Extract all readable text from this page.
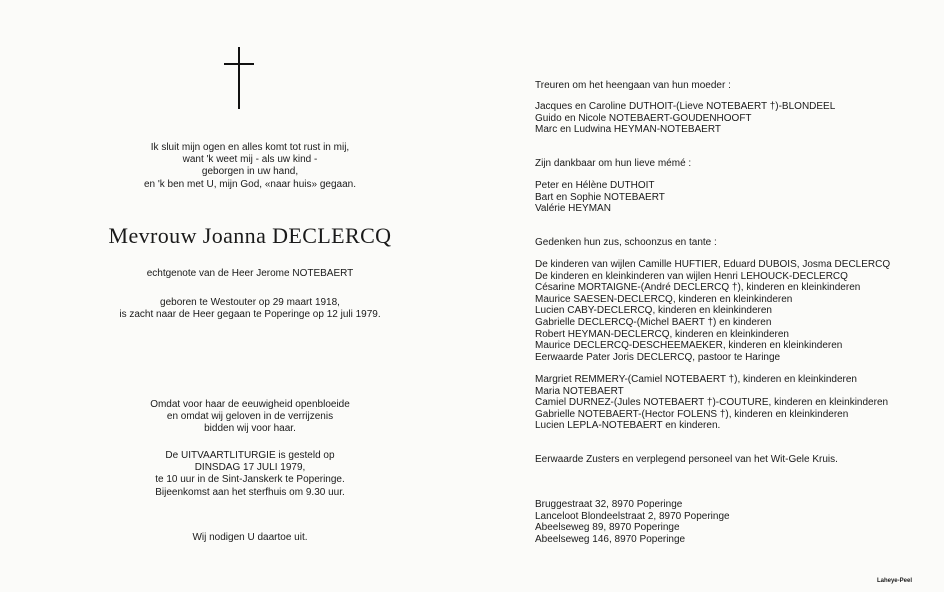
Ik sluit mijn ogen en alles komt tot rust in mij,
want 'k weet mij - als uw kind -
geborgen in uw hand,
en 'k ben met U, mijn God, «naar huis» gegaan.
Mevrouw Joanna DECLERCQ
echtgenote van de Heer Jerome NOTEBAERT
geboren te Westouter op 29 maart 1918,
is zacht naar de Heer gegaan te Poperinge op 12 juli 1979.
Omdat voor haar de eeuwigheid openbloeide
en omdat wij geloven in de verrijzenis
bidden wij voor haar.
De UITVAARTLITURGIE is gesteld op
DINSDAG 17 JULI 1979,
te 10 uur in de Sint-Janskerk te Poperinge.
Bijeenkomst aan het sterfhuis om 9.30 uur.
Wij nodigen U daartoe uit.
Treuren om het heengaan van hun moeder :
Jacques en Caroline DUTHOIT-(Lieve NOTEBAERT †)-BLONDEEL
Guido en Nicole NOTEBAERT-GOUDENHOOFT
Marc en Ludwina HEYMAN-NOTEBAERT
Zijn dankbaar om hun lieve mémé :
Peter en Hélène DUTHOIT
Bart en Sophie NOTEBAERT
Valérie HEYMAN
Gedenken hun zus, schoonzus en tante :
De kinderen van wijlen Camille HUFTIER, Eduard DUBOIS, Josma DECLERCQ
De kinderen en kleinkinderen van wijlen Henri LEHOUCK-DECLERCQ
Césarine MORTAIGNE-(André DECLERCQ †), kinderen en kleinkinderen
Maurice SAESEN-DECLERCQ, kinderen en kleinkinderen
Lucien CABY-DECLERCQ, kinderen en kleinkinderen
Gabrielle DECLERCQ-(Michel BAERT †) en kinderen
Robert HEYMAN-DECLERCQ, kinderen en kleinkinderen
Maurice DECLERCQ-DESCHEEMAEKER, kinderen en kleinkinderen
Eerwaarde Pater Joris DECLERCQ, pastoor te Haringe
Margriet REMMERY-(Camiel NOTEBAERT †), kinderen en kleinkinderen
Maria NOTEBAERT
Camiel DURNEZ-(Jules NOTEBAERT †)-COUTURE, kinderen en kleinkinderen
Gabrielle NOTEBAERT-(Hector FOLENS †), kinderen en kleinkinderen
Lucien LEPLA-NOTEBAERT en kinderen.
Eerwaarde Zusters en verplegend personeel van het Wit-Gele Kruis.
Bruggestraat 32, 8970 Poperinge
Lanceloot Blondeelstraat 2, 8970 Poperinge
Abeelseweg 89, 8970 Poperinge
Abeelseweg 146, 8970 Poperinge
Laheye-Peel
